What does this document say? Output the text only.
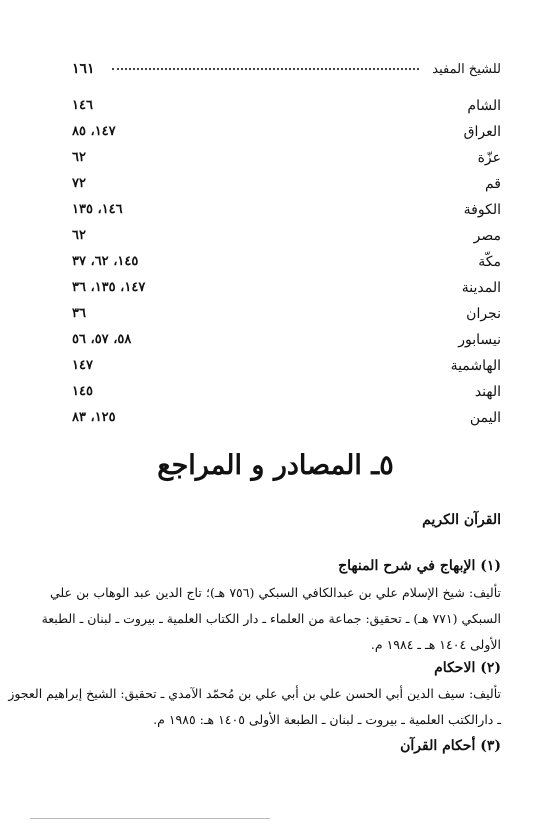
للشيخ المفيد
١٦١
الشام
١٤٦
العراق
١٤٧، ٨٥
عزّة
٦٢
قم
٧٢
الكوفة
١٤٦، ١٣٥
مصر
٦٢
مكّة
١٤٥، ٦٢، ٣٧
المدينة
١٤٧، ١٣٥، ٣٦
نجران
٣٦
نيسابور
٥٨، ٥٧، ٥٦
الهاشمية
١٤٧
الهند
١٤٥
اليمن
١٢٥، ٨٣
٥ـ المصادر و المراجع
القرآن الكريم
(١) الإبهاج في شرح المنهاج
تأليف: شيخ الإسلام علي بن عبدالكافي السبكي (٧٥٦ هـ)؛ تاج الدين عبد الوهاب بن علي
السبكي (٧٧١ هـ) ـ تحقيق: جماعة من العلماء ـ دار الكتاب العلمية ـ بيروت ـ لبنان ـ الطبعة
الأولى ١٤٠٤ هـ ـ ١٩٨٤ م.
(٢) الاحكام
تأليف: سيف الدين أبي الحسن علي بن أبي علي بن مُحمّد الآمدي ـ تحقيق: الشيخ إبراهيم العجوز
ـ دارالكتب العلمية ـ بيروت ـ لبنان ـ الطبعة الأولى ١٤٠٥ هـ: ١٩٨٥ م.
(٣) أحكام القرآن
